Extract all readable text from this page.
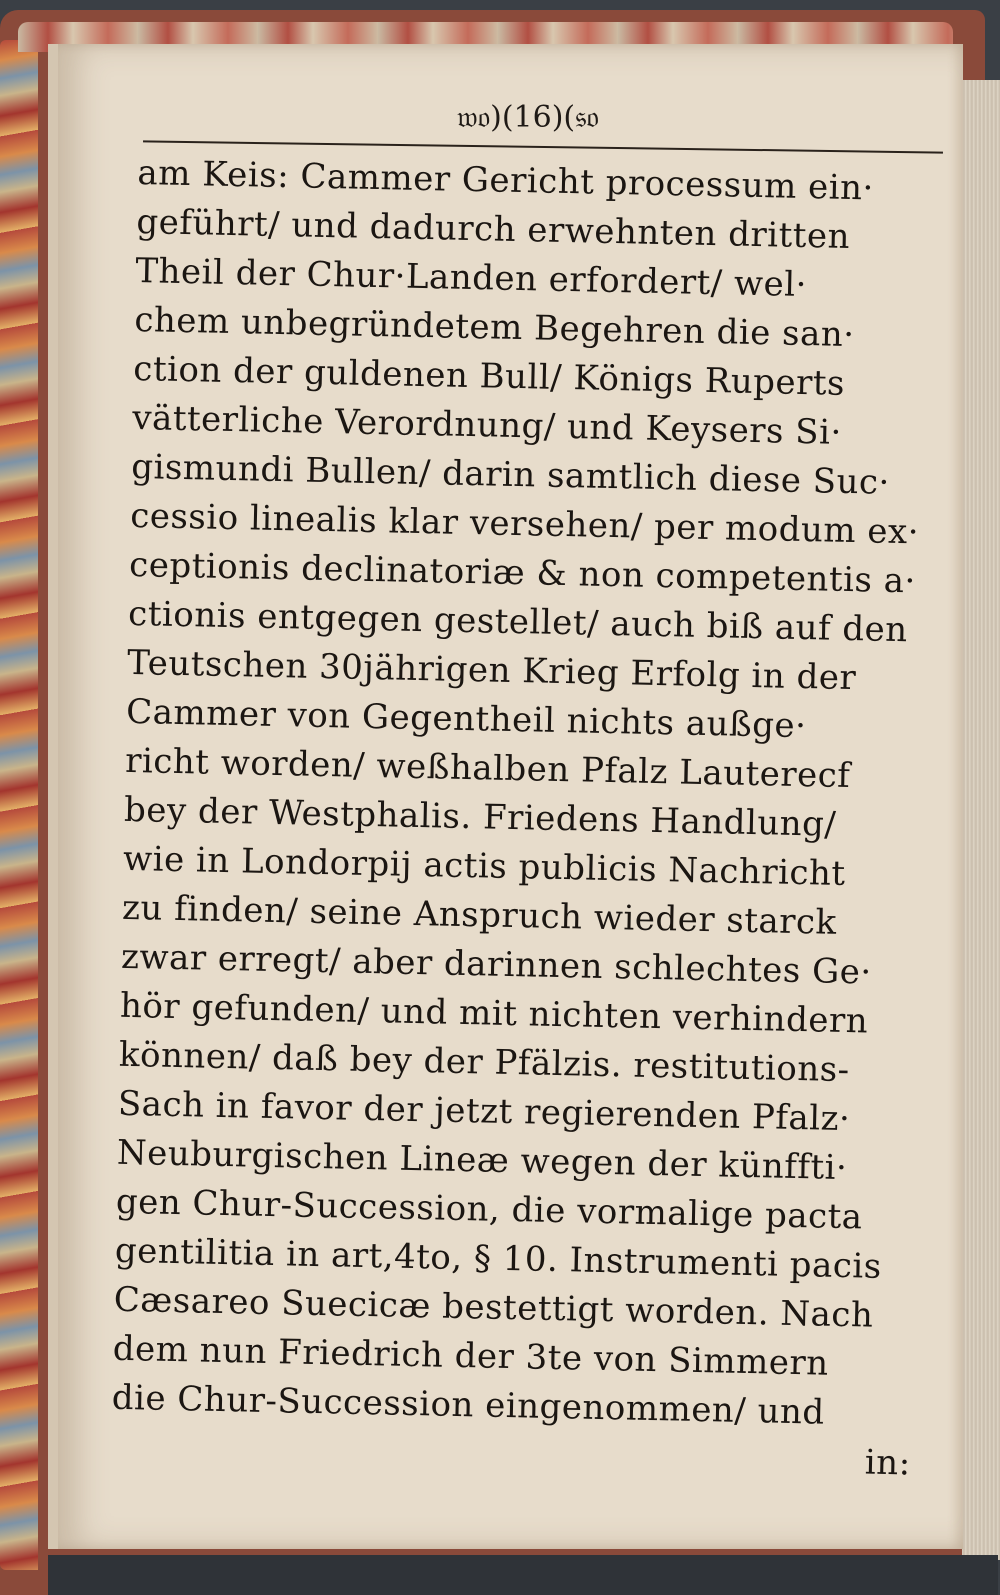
𝔴𝔬)(16)(𝔰𝔬
am Keis: Cammer Gericht processum ein·
geführt/ und dadurch erwehnten dritten
Theil der Chur·Landen erfordert/ wel·
chem unbegründetem Begehren die san·
ction der guldenen Bull/ Königs Ruperts
vätterliche Verordnung/ und Keysers Si·
gismundi Bullen/ darin samtlich diese Suc·
cessio linealis klar versehen/ per modum ex·
ceptionis declinatoriæ & non competentis a·
ctionis entgegen gestellet/ auch biß auf den
Teutschen 30jährigen Krieg Erfolg in der
Cammer von Gegentheil nichts außge·
richt worden/ weßhalben Pfalz Lauterecf
bey der Westphalis. Friedens Handlung/
wie in Londorpij actis publicis Nachricht
zu finden/ seine Anspruch wieder starck
zwar erregt/ aber darinnen schlechtes Ge·
hör gefunden/ und mit nichten verhindern
können/ daß bey der Pfälzis. restitutions-
Sach in favor der jetzt regierenden Pfalz·
Neuburgischen Lineæ wegen der künffti·
gen Chur-Succession, die vormalige pacta
gentilitia in art,4to, § 10. Instrumenti pacis
Cæsareo Suecicæ bestettigt worden. Nach
dem nun Friedrich der 3te von Simmern
die Chur-Succession eingenommen/ und
in:
